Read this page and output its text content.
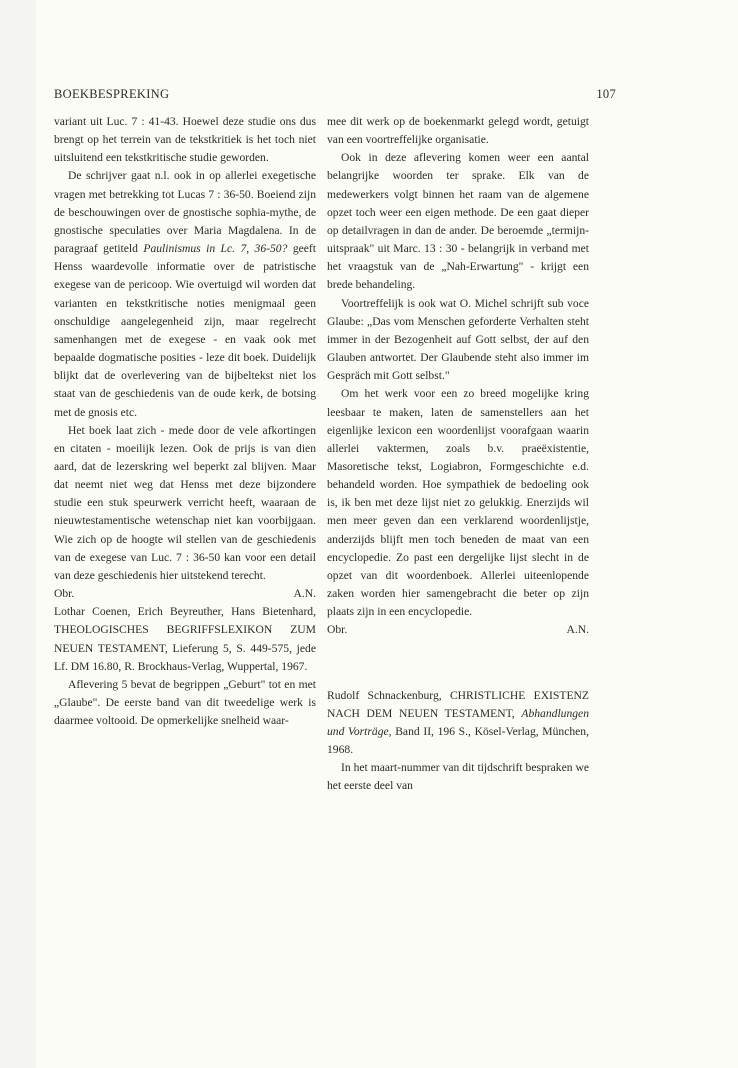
BOEKBESPREKING	107

variant uit Luc. 7 : 41-43. Hoewel deze studie ons dus brengt op het terrein van de tekstkritiek is het toch niet uitsluitend een tekstkritische studie geworden.

De schrijver gaat n.l. ook in op allerlei exegetische vragen met betrekking tot Lucas 7 : 36-50. Boeiend zijn de beschouwingen over de gnostische sophia-mythe, de gnostische speculaties over Maria Magdalena. In de paragraaf getiteld Paulinismus in Lc. 7, 36-50? geeft Henss waardevolle informatie over de patristische exegese van de pericoop. Wie overtuigd wil worden dat varianten en tekstkritische noties menigmaal geen onschuldige aangelegenheid zijn, maar regelrecht samenhangen met de exegese - en vaak ook met bepaalde dogmatische posities - leze dit boek. Duidelijk blijkt dat de overlevering van de bijbeltekst niet los staat van de geschiedenis van de oude kerk, de botsing met de gnosis etc.

Het boek laat zich - mede door de vele afkortingen en citaten - moeilijk lezen. Ook de prijs is van dien aard, dat de lezerskring wel beperkt zal blijven. Maar dat neemt niet weg dat Henss met deze bijzondere studie een stuk speurwerk verricht heeft, waaraan de nieuwtestamentische wetenschap niet kan voorbijgaan. Wie zich op de hoogte wil stellen van de geschiedenis van de exegese van Luc. 7 : 36-50 kan voor een detail van deze geschiedenis hier uitstekend terecht.

Obr.	A.N.

Lothar Coenen, Erich Beyreuther, Hans Bietenhard, THEOLOGISCHES BEGRIFFSLEXIKON ZUM NEUEN TESTAMENT, Lieferung 5, S. 449-575, jede Lf. DM 16.80, R. Brockhaus-Verlag, Wuppertal, 1967.

Aflevering 5 bevat de begrippen „Geburt" tot en met „Glaube". De eerste band van dit tweedelige werk is daarmee voltooid. De opmerkelijke snelheid waar-

mee dit werk op de boekenmarkt gelegd wordt, getuigt van een voortreffelijke organisatie.

Ook in deze aflevering komen weer een aantal belangrijke woorden ter sprake. Elk van de medewerkers volgt binnen het raam van de algemene opzet toch weer een eigen methode. De een gaat dieper op detailvragen in dan de ander. De beroemde „termijn-uitspraak" uit Marc. 13 : 30 - belangrijk in verband met het vraagstuk van de „Nah-Erwartung" - krijgt een brede behandeling.

Voortreffelijk is ook wat O. Michel schrijft sub voce Glaube: „Das vom Menschen geforderte Verhalten steht immer in der Bezogenheit auf Gott selbst, der auf den Glauben antwortet. Der Glaubende steht also immer im Gespräch mit Gott selbst."

Om het werk voor een zo breed mogelijke kring leesbaar te maken, laten de samenstellers aan het eigenlijke lexicon een woordenlijst voorafgaan waarin allerlei vaktermen, zoals b.v. praeëxistentie, Masoretische tekst, Logiabron, Formgeschichte e.d. behandeld worden. Hoe sympathiek de bedoeling ook is, ik ben met deze lijst niet zo gelukkig. Enerzijds wil men meer geven dan een verklarend woordenlijstje, anderzijds blijft men toch beneden de maat van een encyclopedie. Zo past een dergelijke lijst slecht in de opzet van dit woordenboek. Allerlei uiteenlopende zaken worden hier samengebracht die beter op zijn plaats zijn in een encyclopedie.

Obr.	A.N.

Rudolf Schnackenburg, CHRISTLICHE EXISTENZ NACH DEM NEUEN TESTAMENT, Abhandlungen und Vorträge, Band II, 196 S., Kösel-Verlag, München, 1968.

In het maart-nummer van dit tijdschrift bespraken we het eerste deel van
